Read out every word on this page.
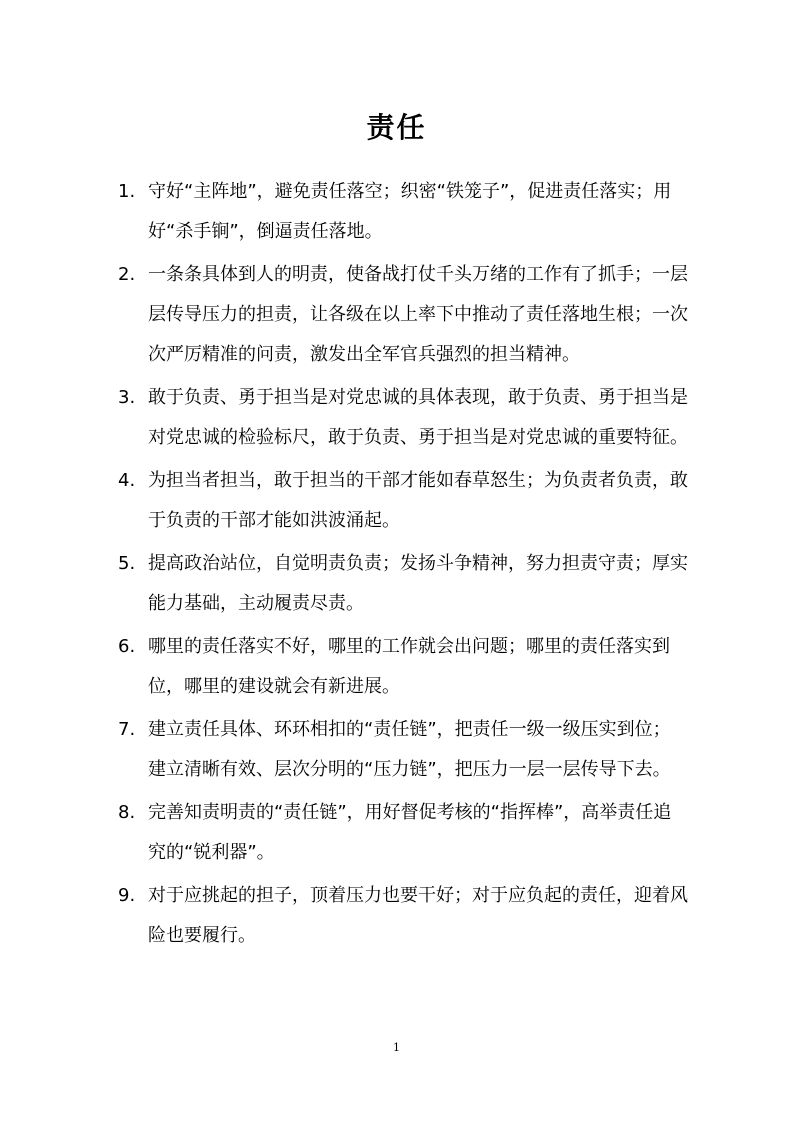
责任
1. 守好“主阵地”，避免责任落空；织密“铁笼子”，促进责任落实；用好“杀手锏”，倒逼责任落地。
2. 一条条具体到人的明责，使备战打仗千头万绪的工作有了抓手；一层层传导压力的担责，让各级在以上率下中推动了责任落地生根；一次次严厉精准的问责，激发出全军官兵强烈的担当精神。
3. 敢于负责、勇于担当是对党忠诚的具体表现，敢于负责、勇于担当是对党忠诚的检验标尺，敢于负责、勇于担当是对党忠诚的重要特征。
4. 为担当者担当，敢于担当的干部才能如春草怒生；为负责者负责，敢于负责的干部才能如洪波涌起。
5. 提高政治站位，自觉明责负责；发扬斗争精神，努力担责守责；厚实能力基础，主动履责尽责。
6. 哪里的责任落实不好，哪里的工作就会出问题；哪里的责任落实到位，哪里的建设就会有新进展。
7. 建立责任具体、环环相扣的“责任链”，把责任一级一级压实到位；建立清晰有效、层次分明的“压力链”，把压力一层一层传导下去。
8. 完善知责明责的“责任链”，用好督促考核的“指挥棒”，高举责任追究的“锐利器”。
9. 对于应挑起的担子，顶着压力也要干好；对于应负起的责任，迎着风险也要履行。
1
